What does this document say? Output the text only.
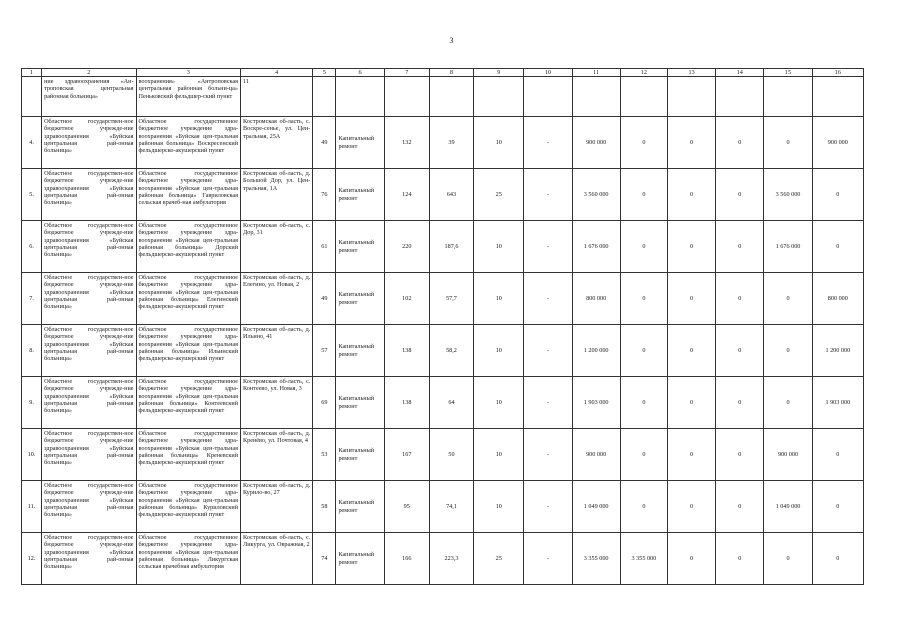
3
1	2	3	4	5	6	7	8	9	10	11	12	13	14	15	16
	ние здравоохранения «Ан-троповская центральная районная больница»	воохранения» «Антроповская центральная районная больни-ца» Пеньковский фельдшер-ский пункт	11												
4.	Областное государствен-ное бюджетное учрежде-ние здравоохранения «Буйская центральная рай-онная больница»	Областное государственное бюджетное учреждение здра-воохранения «Буйская цен-тральная районная больница» Воскресенский фельдшерско-акушерский пункт	Костромская об-ласть, с. Воскре-сенье, ул. Цен-тральная, 25А	49	Капитальный ремонт	132	39	10	-	900 000	0	0	0	0	900 000
5.	Областное государствен-ное бюджетное учрежде-ние здравоохранения «Буйская центральная рай-онная больница»	Областное государственное бюджетное учреждение здра-воохранения «Буйская цен-тральная районная больница» Гавриловская сельская врачеб-ная амбулатория	Костромская об-ласть, д. Большой Дор, ул. Цен-тральная, 1А	76	Капитальный ремонт	124	643	25	-	3 560 000	0	0	0	3 560 000	0
6.	Областное государствен-ное бюджетное учрежде-ние здравоохранения «Буйская центральная рай-онная больница»	Областное государственное бюджетное учреждение здра-воохранения «Буйская цен-тральная районная больница» Дорский фельдшерско-акушерский пункт	Костромская об-ласть, с. Дор, 31	61	Капитальный ремонт	220	187,6	10	-	1 676 000	0	0	0	1 676 000	0
7.	Областное государствен-ное бюджетное учрежде-ние здравоохранения «Буйская центральная рай-онная больница»	Областное государственное бюджетное учреждение здра-воохранения «Буйская цен-тральная районная больница» Елегинский фельдшерско-акушерский пункт	Костромская об-ласть, д. Елегино, ул. Новая, 2	49	Капитальный ремонт	102	57,7	10	-	800 000	0	0	0	0	800 000
8.	Областное государствен-ное бюджетное учрежде-ние здравоохранения «Буйская центральная рай-онная больница»	Областное государственное бюджетное учреждение здра-воохранения «Буйская цен-тральная районная больница» Ильинский фельдшерско-акушерский пункт	Костромская об-ласть, д. Ильино, 41	57	Капитальный ремонт	138	58,2	10	-	1 200 000	0	0	0	0	1 200 000
9.	Областное государствен-ное бюджетное учрежде-ние здравоохранения «Буйская центральная рай-онная больница»	Областное государственное бюджетное учреждение здра-воохранения «Буйская цен-тральная районная больница» Контеевский фельдшерско-акушерский пункт	Костромская об-ласть, с. Контеево, ул. Новая, 3	69	Капитальный ремонт	138	64	10	-	1 903 000	0	0	0	0	1 903 000
10.	Областное государствен-ное бюджетное учрежде-ние здравоохранения «Буйская центральная рай-онная больница»	Областное государственное бюджетное учреждение здра-воохранения «Буйская цен-тральная районная больница» Креневский фельдшерско-акушерский пункт	Костромская об-ласть, д. Кренёво, ул. Почтовая, 4	53	Капитальный ремонт	167	50	10	-	900 000	0	0	0	900 000	0
11.	Областное государствен-ное бюджетное учрежде-ние здравоохранения «Буйская центральная рай-онная больница»	Областное государственное бюджетное учреждение здра-воохранения «Буйская цен-тральная районная больница» Куриловский фельдшерско-акушерский пункт	Костромская об-ласть, д. Курило-во, 27	58	Капитальный ремонт	95	74,1	10	-	1 049 000	0	0	0	1 049 000	0
12.	Областное государствен-ное бюджетное учрежде-ние здравоохранения «Буйская центральная рай-онная больница»	Областное государственное бюджетное учреждение здра-воохранения «Буйская цен-тральная районная больница» Ликургская сельская врачебная амбулатория	Костромская об-ласть, с. Ликурга, ул. Овражная, 2	74	Капитальный ремонт	166	223,3	25	-	3 355 000	3 355 000	0	0	0	0
